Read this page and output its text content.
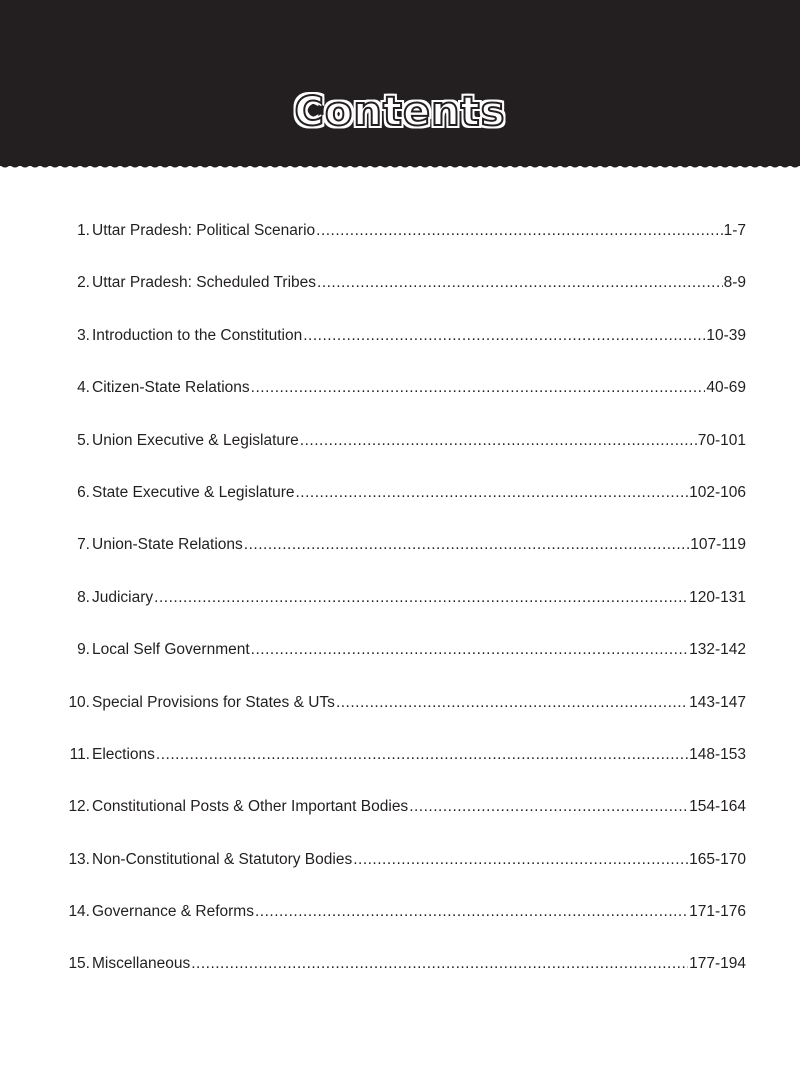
Contents
1. Uttar Pradesh: Political Scenario .....	1-7
2. Uttar Pradesh: Scheduled Tribes .....	8-9
3. Introduction to the Constitution .....	10-39
4. Citizen-State Relations .....	40-69
5. Union Executive & Legislature .....	70-101
6. State Executive & Legislature .....	102-106
7. Union-State Relations .....	107-119
8. Judiciary .....	120-131
9. Local Self Government .....	132-142
10. Special Provisions for States & UTs .....	143-147
11. Elections .....	148-153
12. Constitutional Posts & Other Important Bodies .....	154-164
13. Non-Constitutional & Statutory Bodies .....	165-170
14. Governance & Reforms .....	171-176
15. Miscellaneous .....	177-194
